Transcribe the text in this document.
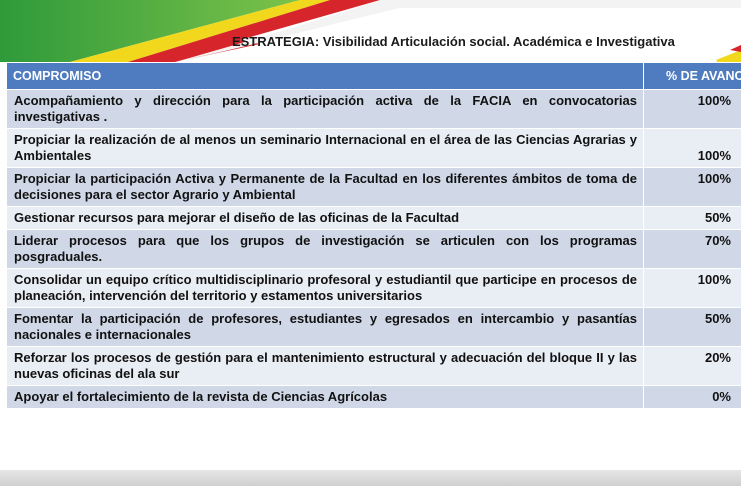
ESTRATEGIA: Visibilidad Articulación social. Académica e Investigativa
COMPROMISO	% DE AVANCE
Acompañamiento y dirección para la participación activa de la FACIA en convocatorias investigativas .	100%
Propiciar la realización de al menos un seminario Internacional en el área de las Ciencias Agrarias y Ambientales	100%
Propiciar la participación Activa y Permanente de la Facultad en los diferentes ámbitos de toma de decisiones para el sector Agrario y Ambiental	100%
Gestionar recursos para mejorar el diseño de las oficinas de la Facultad	50%
Liderar procesos para que los grupos de investigación se articulen con los programas posgraduales.	70%
Consolidar un equipo crítico multidisciplinario profesoral y estudiantil que participe en procesos de planeación, intervención del territorio y estamentos universitarios	100%
Fomentar la participación de profesores, estudiantes y egresados en intercambio y pasantías nacionales e internacionales	50%
Reforzar los procesos de gestión para el mantenimiento estructural y adecuación del bloque II y las nuevas oficinas del ala sur	20%
Apoyar el fortalecimiento de la revista de Ciencias Agrícolas	0%
